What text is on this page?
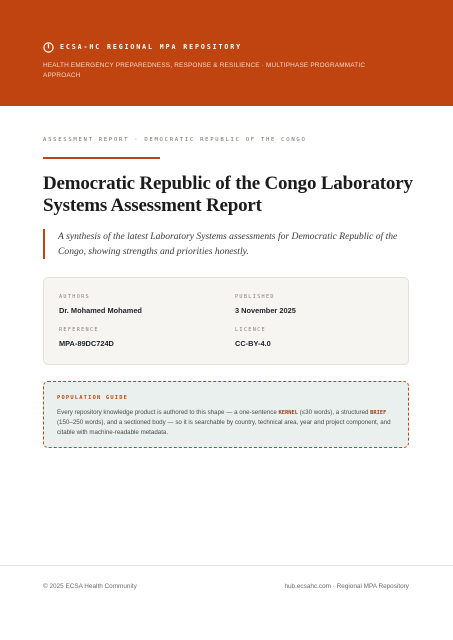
ECSA-HC REGIONAL MPA REPOSITORY
HEALTH EMERGENCY PREPAREDNESS, RESPONSE & RESILIENCE · MULTIPHASE PROGRAMMATIC APPROACH
ASSESSMENT REPORT · DEMOCRATIC REPUBLIC OF THE CONGO
Democratic Republic of the Congo Laboratory Systems Assessment Report

A synthesis of the latest Laboratory Systems assessments for Democratic Republic of the Congo, showing strengths and priorities honestly.

AUTHORS
Dr. Mohamed Mohamed
PUBLISHED
3 November 2025
REFERENCE
MPA-89DC724D
LICENCE
CC-BY-4.0
POPULATION GUIDE

Every repository knowledge product is authored to this shape — a one-sentence KERNEL (≤30 words), a structured BRIEF (150–250 words), and a sectioned body — so it is searchable by country, technical area, year and project component, and citable with machine-readable metadata.

© 2025 ECSA Health Community	hub.ecsahc.com · Regional MPA Repository
